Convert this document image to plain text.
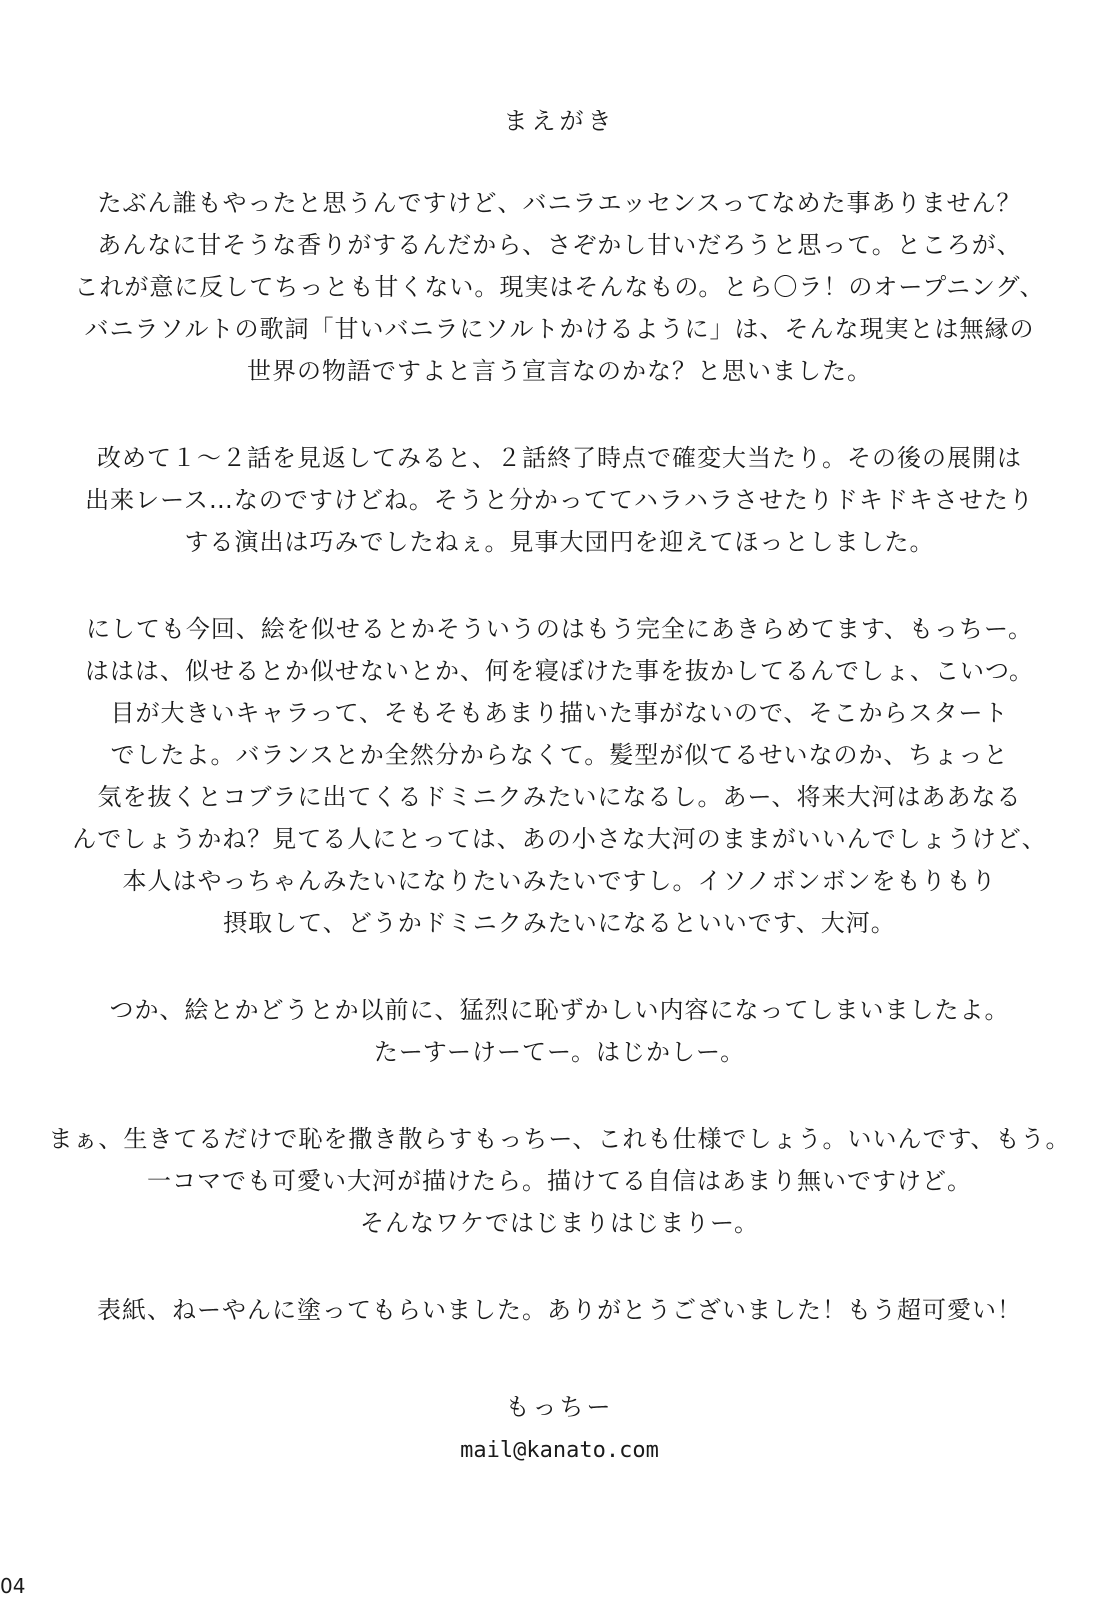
まえがき
たぶん誰もやったと思うんですけど、バニラエッセンスってなめた事ありません？
あんなに甘そうな香りがするんだから、さぞかし甘いだろうと思って。ところが、
これが意に反してちっとも甘くない。現実はそんなもの。とら〇ラ！のオープニング、
バニラソルトの歌詞「甘いバニラにソルトかけるように」は、そんな現実とは無縁の
世界の物語ですよと言う宣言なのかな？と思いました。
改めて１～２話を見返してみると、２話終了時点で確変大当たり。その後の展開は
出来レース…なのですけどね。そうと分かっててハラハラさせたりドキドキさせたり
する演出は巧みでしたねぇ。見事大団円を迎えてほっとしました。
にしても今回、絵を似せるとかそういうのはもう完全にあきらめてます、もっちー。
ははは、似せるとか似せないとか、何を寝ぼけた事を抜かしてるんでしょ、こいつ。
目が大きいキャラって、そもそもあまり描いた事がないので、そこからスタート
でしたよ。バランスとか全然分からなくて。髪型が似てるせいなのか、ちょっと
気を抜くとコブラに出てくるドミニクみたいになるし。あー、将来大河はああなる
んでしょうかね？見てる人にとっては、あの小さな大河のままがいいんでしょうけど、
本人はやっちゃんみたいになりたいみたいですし。イソノボンボンをもりもり
摂取して、どうかドミニクみたいになるといいです、大河。
つか、絵とかどうとか以前に、猛烈に恥ずかしい内容になってしまいましたよ。
たーすーけーてー。はじかしー。
まぁ、生きてるだけで恥を撒き散らすもっちー、これも仕様でしょう。いいんです、もう。
一コマでも可愛い大河が描けたら。描けてる自信はあまり無いですけど。
そんなワケではじまりはじまりー。
表紙、ねーやんに塗ってもらいました。ありがとうございました！もう超可愛い！
もっちー
mail@kanato.com
04
